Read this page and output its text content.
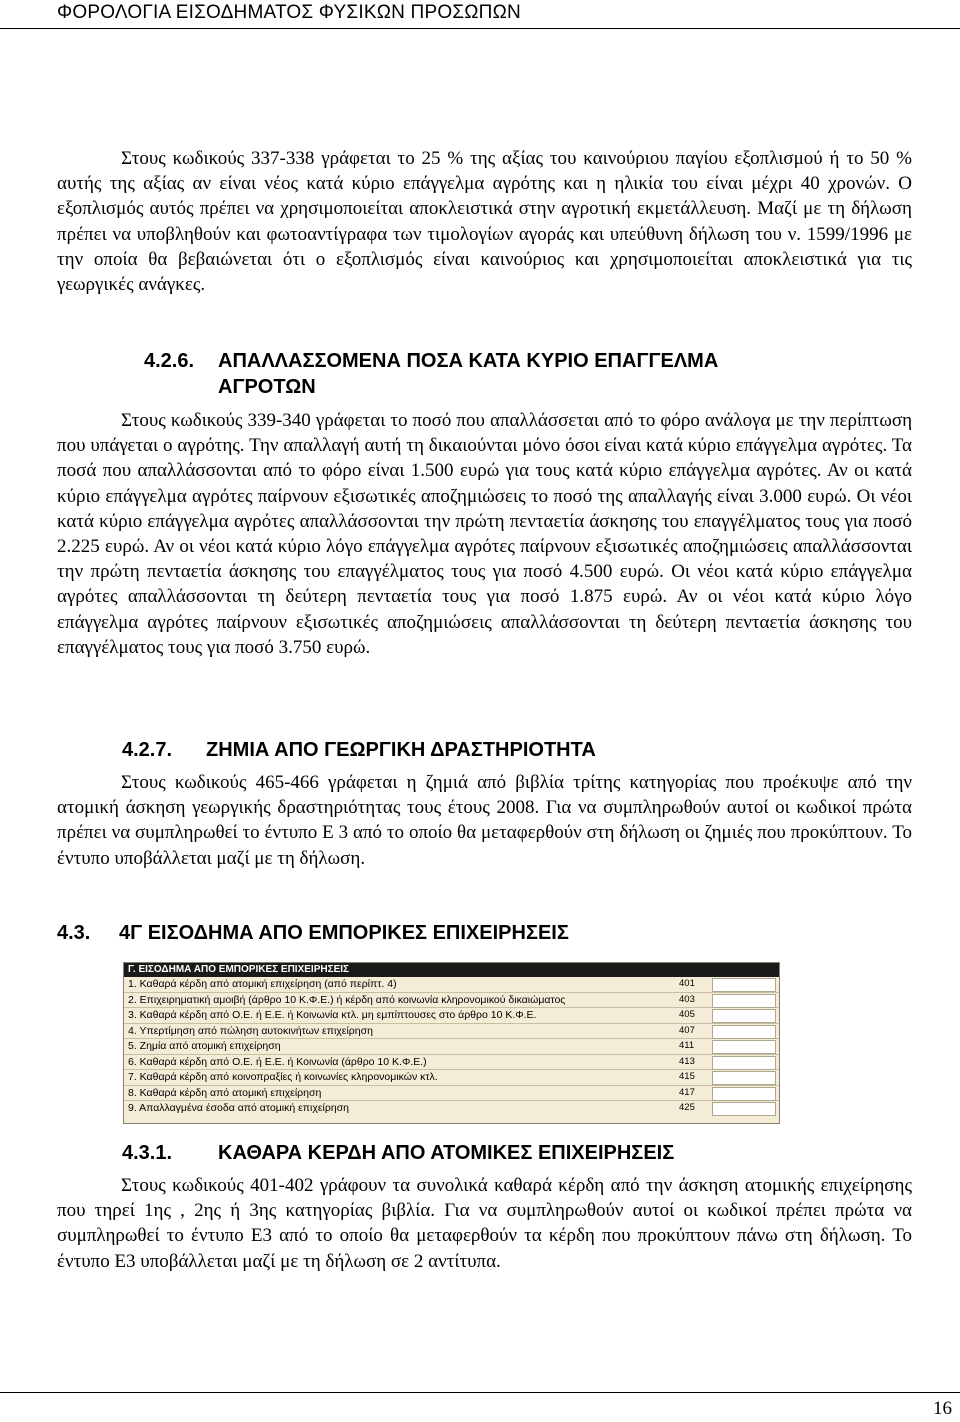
ΦΟΡΟΛΟΓΙΑ ΕΙΣΟΔΗΜΑΤΟΣ ΦΥΣΙΚΩΝ ΠΡΟΣΩΠΩΝ

Στους κωδικούς 337-338 γράφεται το 25 % της αξίας του καινούριου παγίου εξοπλισμού ή το 50 % αυτής της αξίας αν είναι νέος κατά κύριο επάγγελμα αγρότης και η ηλικία του είναι μέχρι 40 χρονών. Ο εξοπλισμός αυτός πρέπει να χρησιμοποιείται αποκλειστικά στην αγροτική εκμετάλλευση. Μαζί με τη δήλωση πρέπει να υποβληθούν και φωτοαντίγραφα των τιμολογίων αγοράς και υπεύθυνη δήλωση του ν. 1599/1996 με την οποία θα βεβαιώνεται ότι ο εξοπλισμός είναι καινούριος και χρησιμοποιείται αποκλειστικά για τις γεωργικές ανάγκες.

4.2.6. ΑΠΑΛΛΑΣΣΟΜΕΝΑ ΠΟΣΑ ΚΑΤΑ ΚΥΡΙΟ ΕΠΑΓΓΕΛΜΑ
ΑΓΡΟΤΩΝ

Στους κωδικούς 339-340 γράφεται το ποσό που απαλλάσσεται από το φόρο ανάλογα με την περίπτωση που υπάγεται ο αγρότης. Την απαλλαγή αυτή τη δικαιούνται μόνο όσοι είναι κατά κύριο επάγγελμα αγρότες. Τα ποσά που απαλλάσσονται από το φόρο είναι 1.500 ευρώ για τους κατά κύριο επάγγελμα αγρότες. Αν οι κατά κύριο επάγγελμα αγρότες παίρνουν εξισωτικές αποζημιώσεις το ποσό της απαλλαγής είναι 3.000 ευρώ. Οι νέοι κατά κύριο επάγγελμα αγρότες απαλλάσσονται την πρώτη πενταετία άσκησης του επαγγέλματος τους για ποσό 2.225 ευρώ. Αν οι νέοι κατά κύριο λόγο επάγγελμα αγρότες παίρνουν εξισωτικές αποζημιώσεις απαλλάσσονται την πρώτη πενταετία άσκησης του επαγγέλματος τους για ποσό 4.500 ευρώ. Οι νέοι κατά κύριο επάγγελμα αγρότες απαλλάσσονται τη δεύτερη πενταετία τους για ποσό 1.875 ευρώ. Αν οι νέοι κατά κύριο λόγο επάγγελμα αγρότες παίρνουν εξισωτικές αποζημιώσεις απαλλάσσονται τη δεύτερη πενταετία άσκησης του επαγγέλματος τους για ποσό 3.750 ευρώ.

4.2.7. ΖΗΜΙΑ ΑΠΟ ΓΕΩΡΓΙΚΗ ΔΡΑΣΤΗΡΙΟΤΗΤΑ

Στους κωδικούς 465-466 γράφεται η ζημιά από βιβλία τρίτης κατηγορίας που προέκυψε από την ατομική άσκηση γεωργικής δραστηριότητας τους έτους 2008. Για να συμπληρωθούν αυτοί οι κωδικοί πρώτα πρέπει να συμπληρωθεί το έντυπο Ε 3 από το οποίο θα μεταφερθούν στη δήλωση οι ζημιές που προκύπτουν. Το έντυπο υποβάλλεται μαζί με τη δήλωση.

4.3. 4Γ ΕΙΣΟΔΗΜΑ ΑΠΟ ΕΜΠΟΡΙΚΕΣ ΕΠΙΧΕΙΡΗΣΕΙΣ
Γ. ΕΙΣΟΔΗΜΑ ΑΠΟ ΕΜΠΟΡΙΚΕΣ ΕΠΙΧΕΙΡΗΣΕΙΣ
1. Καθαρά κέρδη από ατομική επιχείρηση (από περίπτ. 4)	401
2. Επιχειρηματική αμοιβή (άρθρο 10 Κ.Φ.Ε.) ή κέρδη από κοινωνία κληρονομικού δικαιώματος	403
3. Καθαρά κέρδη από Ο.Ε. ή Ε.Ε. ή Κοινωνία κτλ. μη εμπίπτουσες στο άρθρο 10 Κ.Φ.Ε.	405
4. Υπερτίμηση από πώληση αυτοκινήτων επιχείρηση	407
5. Ζημία από ατομική επιχείρηση	411
6. Καθαρά κέρδη από Ο.Ε. ή Ε.Ε. ή Κοινωνία (άρθρο 10 Κ.Φ.Ε.)	413
7. Καθαρά κέρδη από κοινοπραξίες ή κοινωνίες κληρονομικών κτλ.	415
8. Καθαρά κέρδη από ατομική επιχείρηση	417
9. Απαλλαγμένα έσοδα από ατομική επιχείρηση	425
4.3.1. ΚΑΘΑΡΑ ΚΕΡΔΗ ΑΠΟ ΑΤΟΜΙΚΕΣ ΕΠΙΧΕΙΡΗΣΕΙΣ

Στους κωδικούς 401-402 γράφουν τα συνολικά καθαρά κέρδη από την άσκηση ατομικής επιχείρησης που τηρεί 1ης , 2ης ή 3ης κατηγορίας βιβλία. Για να συμπληρωθούν αυτοί οι κωδικοί πρέπει πρώτα να συμπληρωθεί το έντυπο Ε3 από το οποίο θα μεταφερθούν τα κέρδη που προκύπτουν πάνω στη δήλωση. Το έντυπο Ε3 υποβάλλεται μαζί με τη δήλωση σε 2 αντίτυπα.

16
